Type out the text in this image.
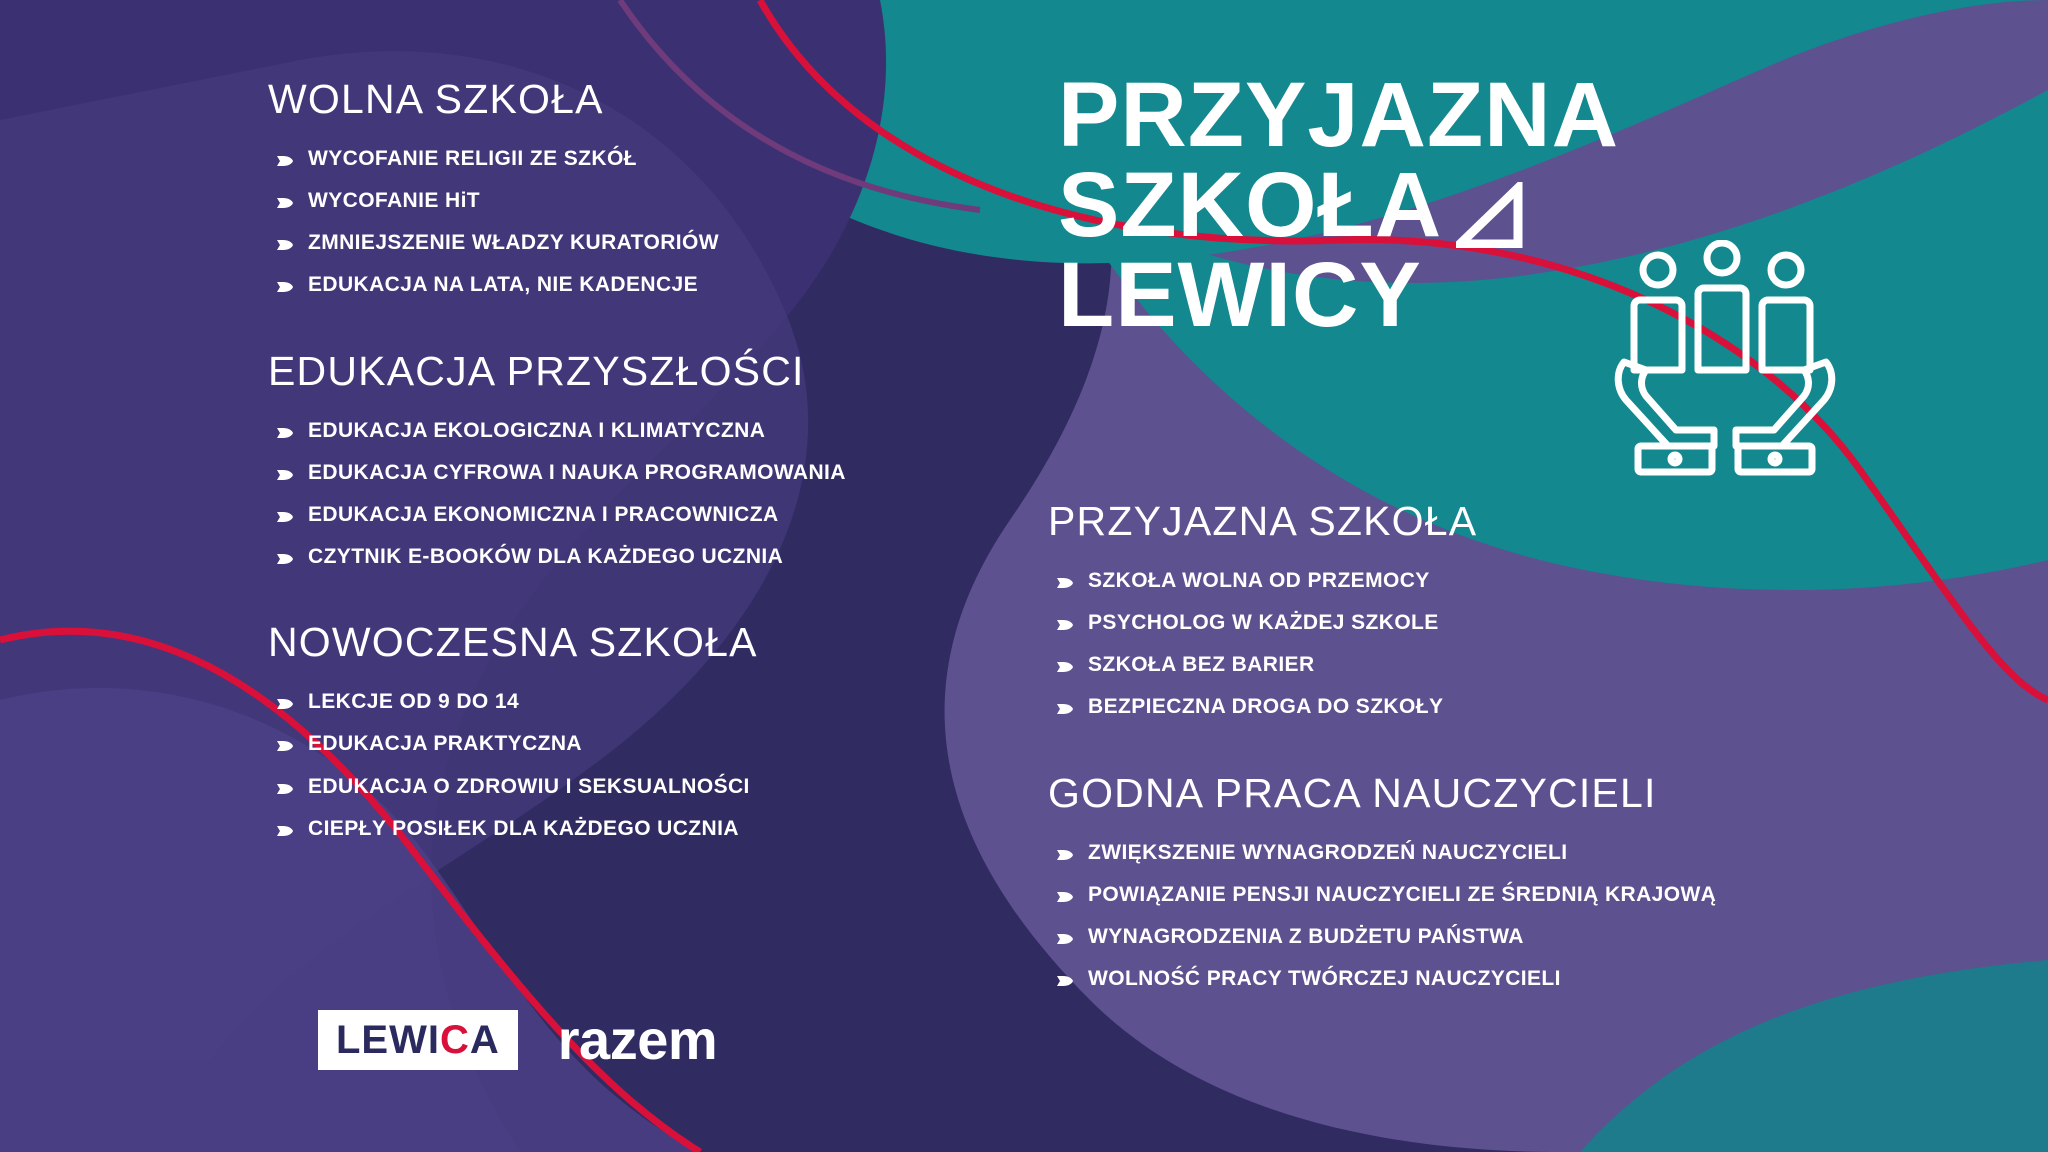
PRZYJAZNA
SZKOŁA
LEWICY
WOLNA SZKOŁA
WYCOFANIE RELIGII ZE SZKÓŁ
WYCOFANIE HiT
ZMNIEJSZENIE WŁADZY KURATORIÓW
EDUKACJA NA LATA, NIE KADENCJE
EDUKACJA PRZYSZŁOŚCI
EDUKACJA EKOLOGICZNA I KLIMATYCZNA
EDUKACJA CYFROWA I NAUKA PROGRAMOWANIA
EDUKACJA EKONOMICZNA I PRACOWNICZA
CZYTNIK E-BOOKÓW DLA KAŻDEGO UCZNIA
NOWOCZESNA SZKOŁA
LEKCJE OD 9 DO 14
EDUKACJA PRAKTYCZNA
EDUKACJA O ZDROWIU I SEKSUALNOŚCI
CIEPŁY POSIŁEK DLA KAŻDEGO UCZNIA
PRZYJAZNA SZKOŁA
SZKOŁA WOLNA OD PRZEMOCY
PSYCHOLOG W KAŻDEJ SZKOLE
SZKOŁA BEZ BARIER
BEZPIECZNA DROGA DO SZKOŁY
GODNA PRACA NAUCZYCIELI
ZWIĘKSZENIE WYNAGRODZEŃ NAUCZYCIELI
POWIĄZANIE PENSJI NAUCZYCIELI ZE ŚREDNIĄ KRAJOWĄ
WYNAGRODZENIA Z BUDŻETU PAŃSTWA
WOLNOŚĆ PRACY TWÓRCZEJ NAUCZYCIELI
LEWICA razem
